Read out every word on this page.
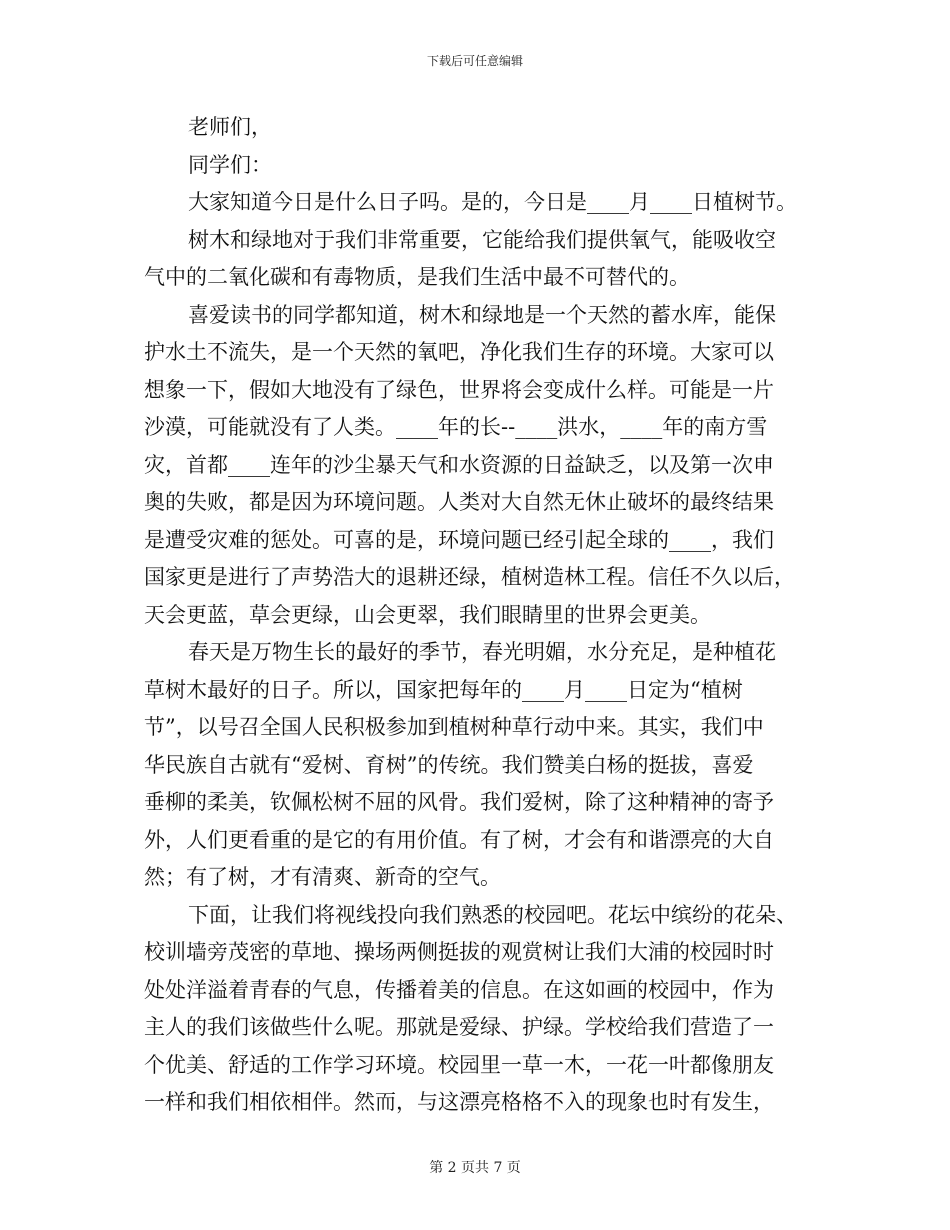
下载后可任意编辑
老师们，
同学们：
大家知道今日是什么日子吗。是的，今日是____月____日植树节。
树木和绿地对于我们非常重要，它能给我们提供氧气，能吸收空
气中的二氧化碳和有毒物质，是我们生活中最不可替代的。
喜爱读书的同学都知道，树木和绿地是一个天然的蓄水库，能保
护水土不流失，是一个天然的氧吧，净化我们生存的环境。大家可以
想象一下，假如大地没有了绿色，世界将会变成什么样。可能是一片
沙漠，可能就没有了人类。____年的长--____洪水，____年的南方雪
灾，首都____连年的沙尘暴天气和水资源的日益缺乏，以及第一次申
奥的失败，都是因为环境问题。人类对大自然无休止破坏的最终结果
是遭受灾难的惩处。可喜的是，环境问题已经引起全球的____，我们
国家更是进行了声势浩大的退耕还绿，植树造林工程。信任不久以后，
天会更蓝，草会更绿，山会更翠，我们眼睛里的世界会更美。
春天是万物生长的最好的季节，春光明媚，水分充足，是种植花
草树木最好的日子。所以，国家把每年的____月____日定为“植树
节”，以号召全国人民积极参加到植树种草行动中来。其实，我们中
华民族自古就有“爱树、育树”的传统。我们赞美白杨的挺拔，喜爱
垂柳的柔美，钦佩松树不屈的风骨。我们爱树，除了这种精神的寄予
外，人们更看重的是它的有用价值。有了树，才会有和谐漂亮的大自
然；有了树，才有清爽、新奇的空气。
下面，让我们将视线投向我们熟悉的校园吧。花坛中缤纷的花朵、
校训墙旁茂密的草地、操场两侧挺拔的观赏树让我们大浦的校园时时
处处洋溢着青春的气息，传播着美的信息。在这如画的校园中，作为
主人的我们该做些什么呢。那就是爱绿、护绿。学校给我们营造了一
个优美、舒适的工作学习环境。校园里一草一木，一花一叶都像朋友
一样和我们相依相伴。然而，与这漂亮格格不入的现象也时有发生，
第 2 页共 7 页
